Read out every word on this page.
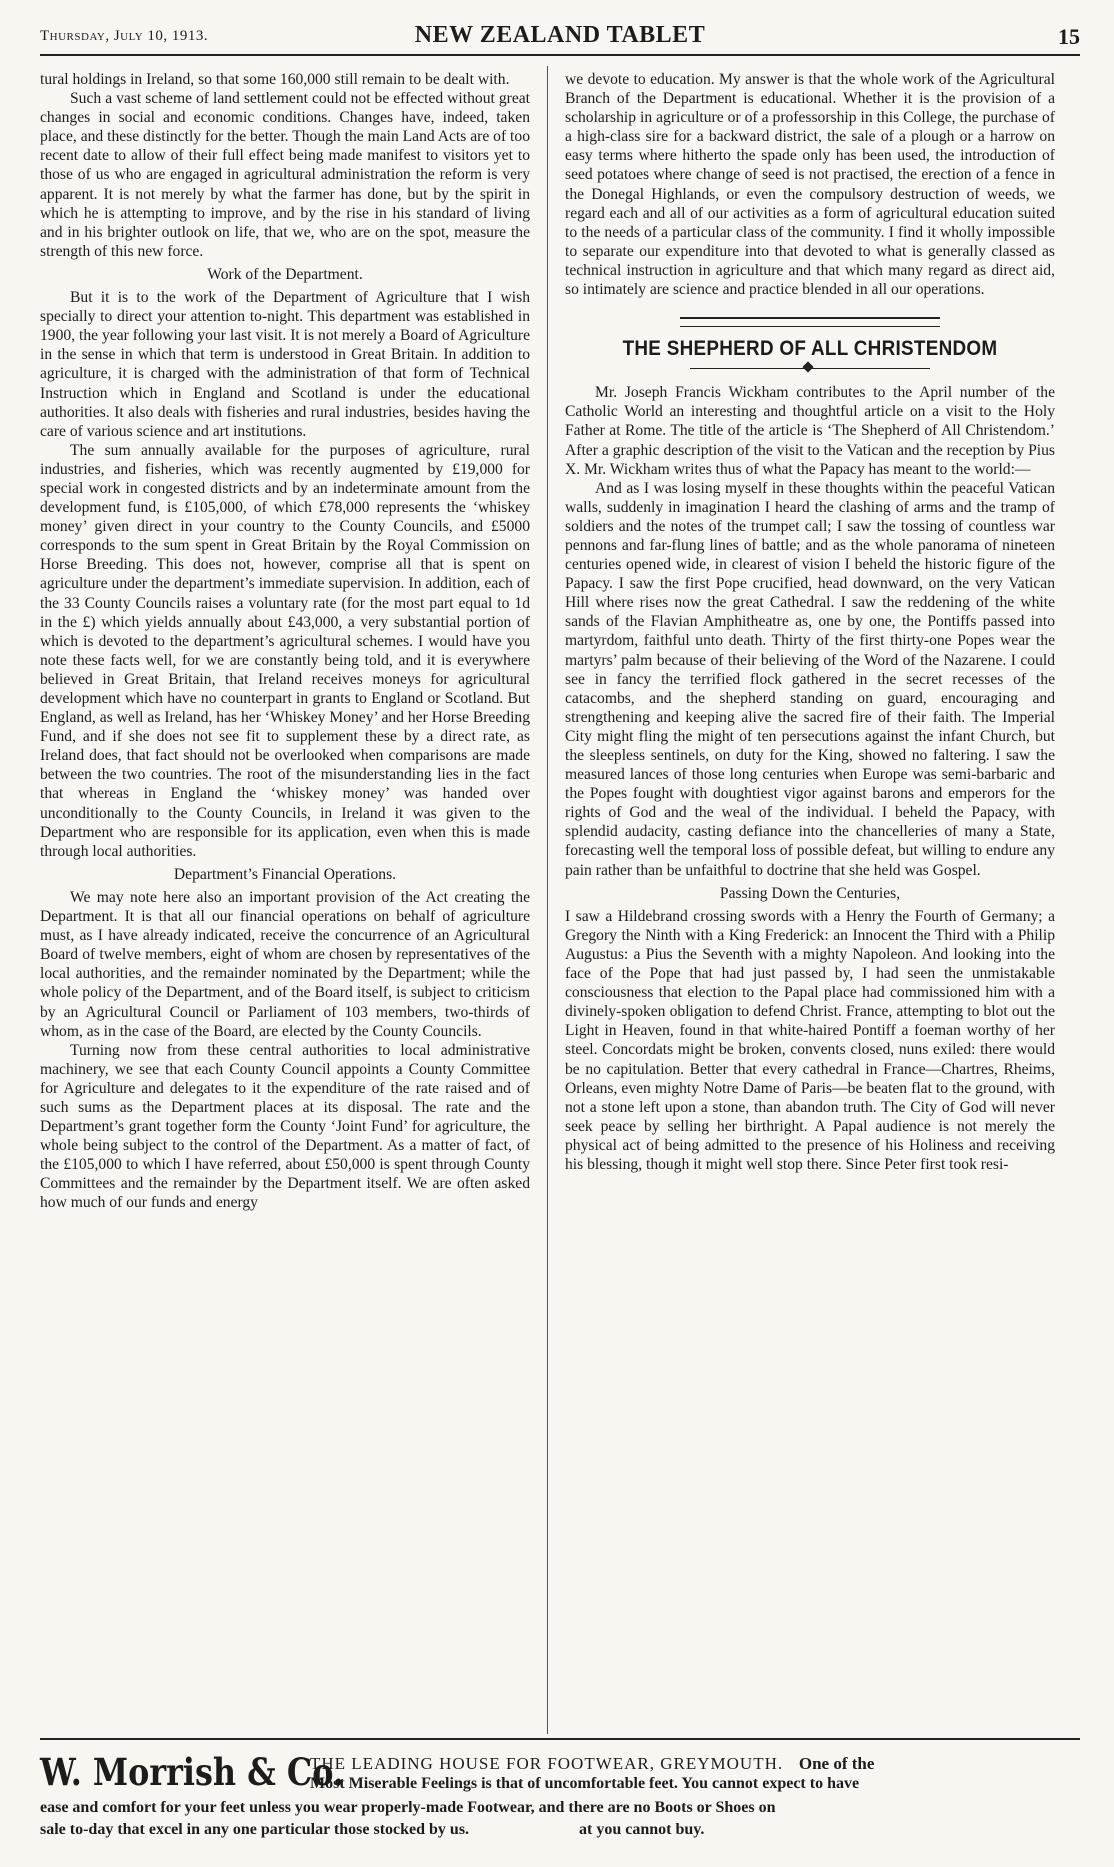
Thursday, July 10, 1913.	NEW ZEALAND TABLET	15

tural holdings in Ireland, so that some 160,000 still remain to be dealt with.

Such a vast scheme of land settlement could not be effected without great changes in social and economic conditions. Changes have, indeed, taken place, and these distinctly for the better. Though the main Land Acts are of too recent date to allow of their full effect being made manifest to visitors yet to those of us who are engaged in agricultural administration the reform is very apparent. It is not merely by what the farmer has done, but by the spirit in which he is attempting to improve, and by the rise in his standard of living and in his brighter outlook on life, that we, who are on the spot, measure the strength of this new force.

Work of the Department.

But it is to the work of the Department of Agriculture that I wish specially to direct your attention to-night. This department was established in 1900, the year following your last visit. It is not merely a Board of Agriculture in the sense in which that term is understood in Great Britain. In addition to agriculture, it is charged with the administration of that form of Technical Instruction which in England and Scotland is under the educational authorities. It also deals with fisheries and rural industries, besides having the care of various science and art institutions.

The sum annually available for the purposes of agriculture, rural industries, and fisheries, which was recently augmented by £19,000 for special work in congested districts and by an indeterminate amount from the development fund, is £105,000, of which £78,000 represents the ‘whiskey money’ given direct in your country to the County Councils, and £5000 corresponds to the sum spent in Great Britain by the Royal Commission on Horse Breeding. This does not, however, comprise all that is spent on agriculture under the department’s immediate supervision. In addition, each of the 33 County Councils raises a voluntary rate (for the most part equal to 1d in the £) which yields annually about £43,000, a very substantial portion of which is devoted to the department’s agricultural schemes. I would have you note these facts well, for we are constantly being told, and it is everywhere believed in Great Britain, that Ireland receives moneys for agricultural development which have no counterpart in grants to England or Scotland. But England, as well as Ireland, has her ‘Whiskey Money’ and her Horse Breeding Fund, and if she does not see fit to supplement these by a direct rate, as Ireland does, that fact should not be overlooked when comparisons are made between the two countries. The root of the misunderstanding lies in the fact that whereas in England the ‘whiskey money’ was handed over unconditionally to the County Councils, in Ireland it was given to the Department who are responsible for its application, even when this is made through local authorities.

Department’s Financial Operations.

We may note here also an important provision of the Act creating the Department. It is that all our financial operations on behalf of agriculture must, as I have already indicated, receive the concurrence of an Agricultural Board of twelve members, eight of whom are chosen by representatives of the local authorities, and the remainder nominated by the Department; while the whole policy of the Department, and of the Board itself, is subject to criticism by an Agricultural Council or Parliament of 103 members, two-thirds of whom, as in the case of the Board, are elected by the County Councils.

Turning now from these central authorities to local administrative machinery, we see that each County Council appoints a County Committee for Agriculture and delegates to it the expenditure of the rate raised and of such sums as the Department places at its disposal. The rate and the Department’s grant together form the County ‘Joint Fund’ for agriculture, the whole being subject to the control of the Department. As a matter of fact, of the £105,000 to which I have referred, about £50,000 is spent through County Committees and the remainder by the Department itself. We are often asked how much of our funds and energy

we devote to education. My answer is that the whole work of the Agricultural Branch of the Department is educational. Whether it is the provision of a scholarship in agriculture or of a professorship in this College, the purchase of a high-class sire for a backward district, the sale of a plough or a harrow on easy terms where hitherto the spade only has been used, the introduction of seed potatoes where change of seed is not practised, the erection of a fence in the Donegal Highlands, or even the compulsory destruction of weeds, we regard each and all of our activities as a form of agricultural education suited to the needs of a particular class of the community. I find it wholly impossible to separate our expenditure into that devoted to what is generally classed as technical instruction in agriculture and that which many regard as direct aid, so intimately are science and practice blended in all our operations.

THE SHEPHERD OF ALL CHRISTENDOM

Mr. Joseph Francis Wickham contributes to the April number of the Catholic World an interesting and thoughtful article on a visit to the Holy Father at Rome. The title of the article is ‘The Shepherd of All Christendom.’ After a graphic description of the visit to the Vatican and the reception by Pius X. Mr. Wickham writes thus of what the Papacy has meant to the world:—

And as I was losing myself in these thoughts within the peaceful Vatican walls, suddenly in imagination I heard the clashing of arms and the tramp of soldiers and the notes of the trumpet call; I saw the tossing of countless war pennons and far-flung lines of battle; and as the whole panorama of nineteen centuries opened wide, in clearest of vision I beheld the historic figure of the Papacy. I saw the first Pope crucified, head downward, on the very Vatican Hill where rises now the great Cathedral. I saw the reddening of the white sands of the Flavian Amphitheatre as, one by one, the Pontiffs passed into martyrdom, faithful unto death. Thirty of the first thirty-one Popes wear the martyrs’ palm because of their believing of the Word of the Nazarene. I could see in fancy the terrified flock gathered in the secret recesses of the catacombs, and the shepherd standing on guard, encouraging and strengthening and keeping alive the sacred fire of their faith. The Imperial City might fling the might of ten persecutions against the infant Church, but the sleepless sentinels, on duty for the King, showed no faltering. I saw the measured lances of those long centuries when Europe was semi-barbaric and the Popes fought with doughtiest vigor against barons and emperors for the rights of God and the weal of the individual. I beheld the Papacy, with splendid audacity, casting defiance into the chancelleries of many a State, forecasting well the temporal loss of possible defeat, but willing to endure any pain rather than be unfaithful to doctrine that she held was Gospel.

Passing Down the Centuries,

I saw a Hildebrand crossing swords with a Henry the Fourth of Germany; a Gregory the Ninth with a King Frederick: an Innocent the Third with a Philip Augustus: a Pius the Seventh with a mighty Napoleon. And looking into the face of the Pope that had just passed by, I had seen the unmistakable consciousness that election to the Papal place had commissioned him with a divinely-spoken obligation to defend Christ. France, attempting to blot out the Light in Heaven, found in that white-haired Pontiff a foeman worthy of her steel. Concordats might be broken, convents closed, nuns exiled: there would be no capitulation. Better that every cathedral in France—Chartres, Rheims, Orleans, even mighty Notre Dame of Paris—be beaten flat to the ground, with not a stone left upon a stone, than abandon truth. The City of God will never seek peace by selling her birthright. A Papal audience is not merely the physical act of being admitted to the presence of his Holiness and receiving his blessing, though it might well stop there. Since Peter first took resi-

W. Morrish & Co.
THE LEADING HOUSE FOR FOOTWEAR, GREYMOUTH. One of the
Most Miserable Feelings is that of uncomfortable feet. You cannot expect to have
ease and comfort for your feet unless you wear properly-made Footwear, and there are no Boots or Shoes on
sale to-day that excel in any one particular those stocked by us.	at you cannot buy.
